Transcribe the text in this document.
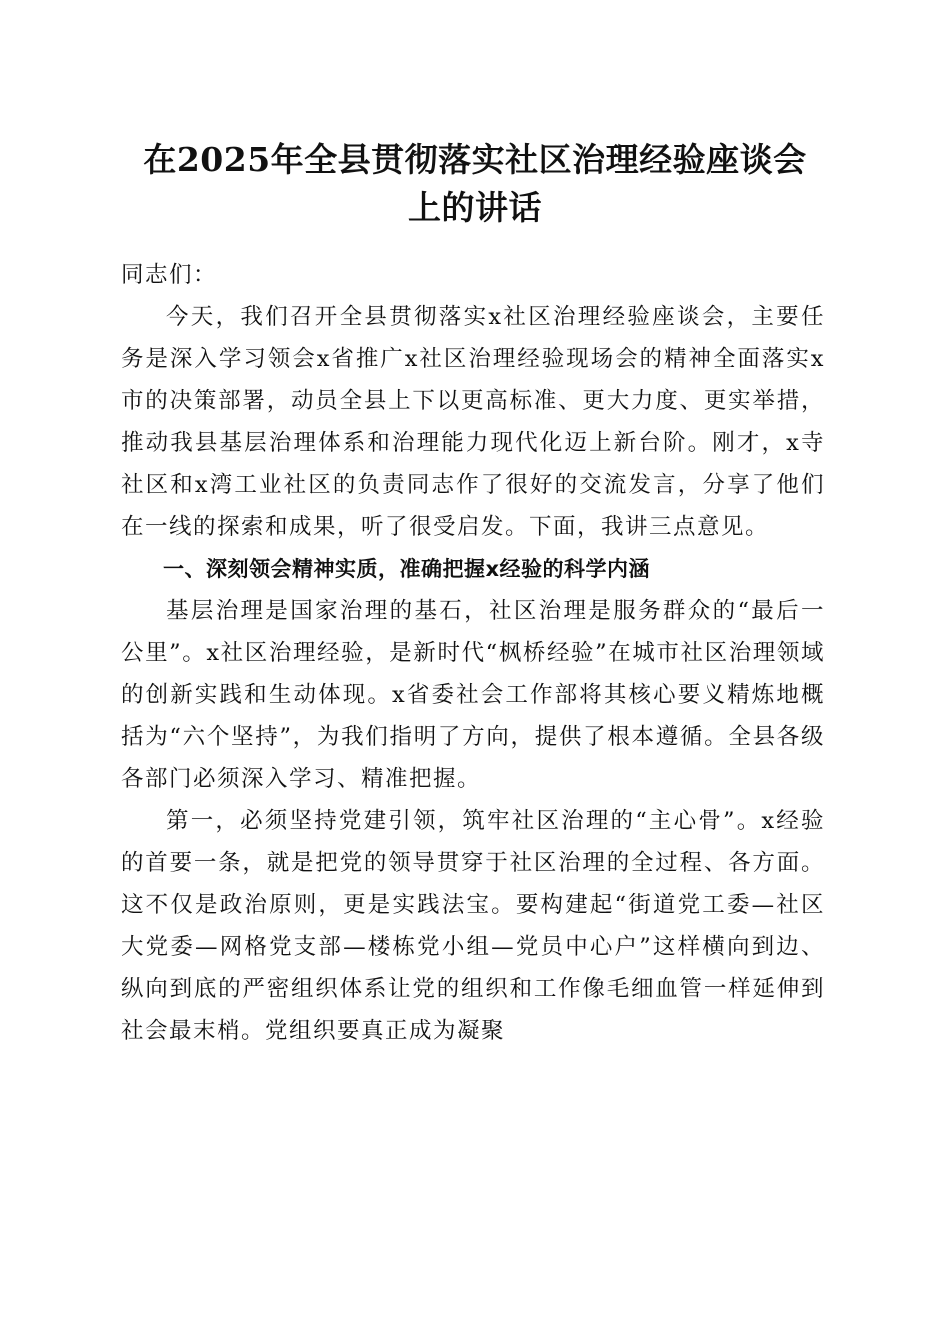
在2025年全县贯彻落实社区治理经验座谈会
上的讲话

同志们：

今天，我们召开全县贯彻落实x社区治理经验座谈会，主要任务是深入学习领会x省推广x社区治理经验现场会的精神全面落实x市的决策部署，动员全县上下以更高标准、更大力度、更实举措，推动我县基层治理体系和治理能力现代化迈上新台阶。刚才，x寺社区和x湾工业社区的负责同志作了很好的交流发言，分享了他们在一线的探索和成果，听了很受启发。下面，我讲三点意见。

一、深刻领会精神实质，准确把握x经验的科学内涵

基层治理是国家治理的基石，社区治理是服务群众的“最后一公里”。x社区治理经验，是新时代“枫桥经验”在城市社区治理领域的创新实践和生动体现。x省委社会工作部将其核心要义精炼地概括为“六个坚持”，为我们指明了方向，提供了根本遵循。全县各级各部门必须深入学习、精准把握。

第一，必须坚持党建引领，筑牢社区治理的“主心骨”。x经验的首要一条，就是把党的领导贯穿于社区治理的全过程、各方面。这不仅是政治原则，更是实践法宝。要构建起“街道党工委—社区大党委—网格党支部—楼栋党小组—党员中心户”这样横向到边、纵向到底的严密组织体系让党的组织和工作像毛细血管一样延伸到社会最末梢。党组织要真正成为凝聚
